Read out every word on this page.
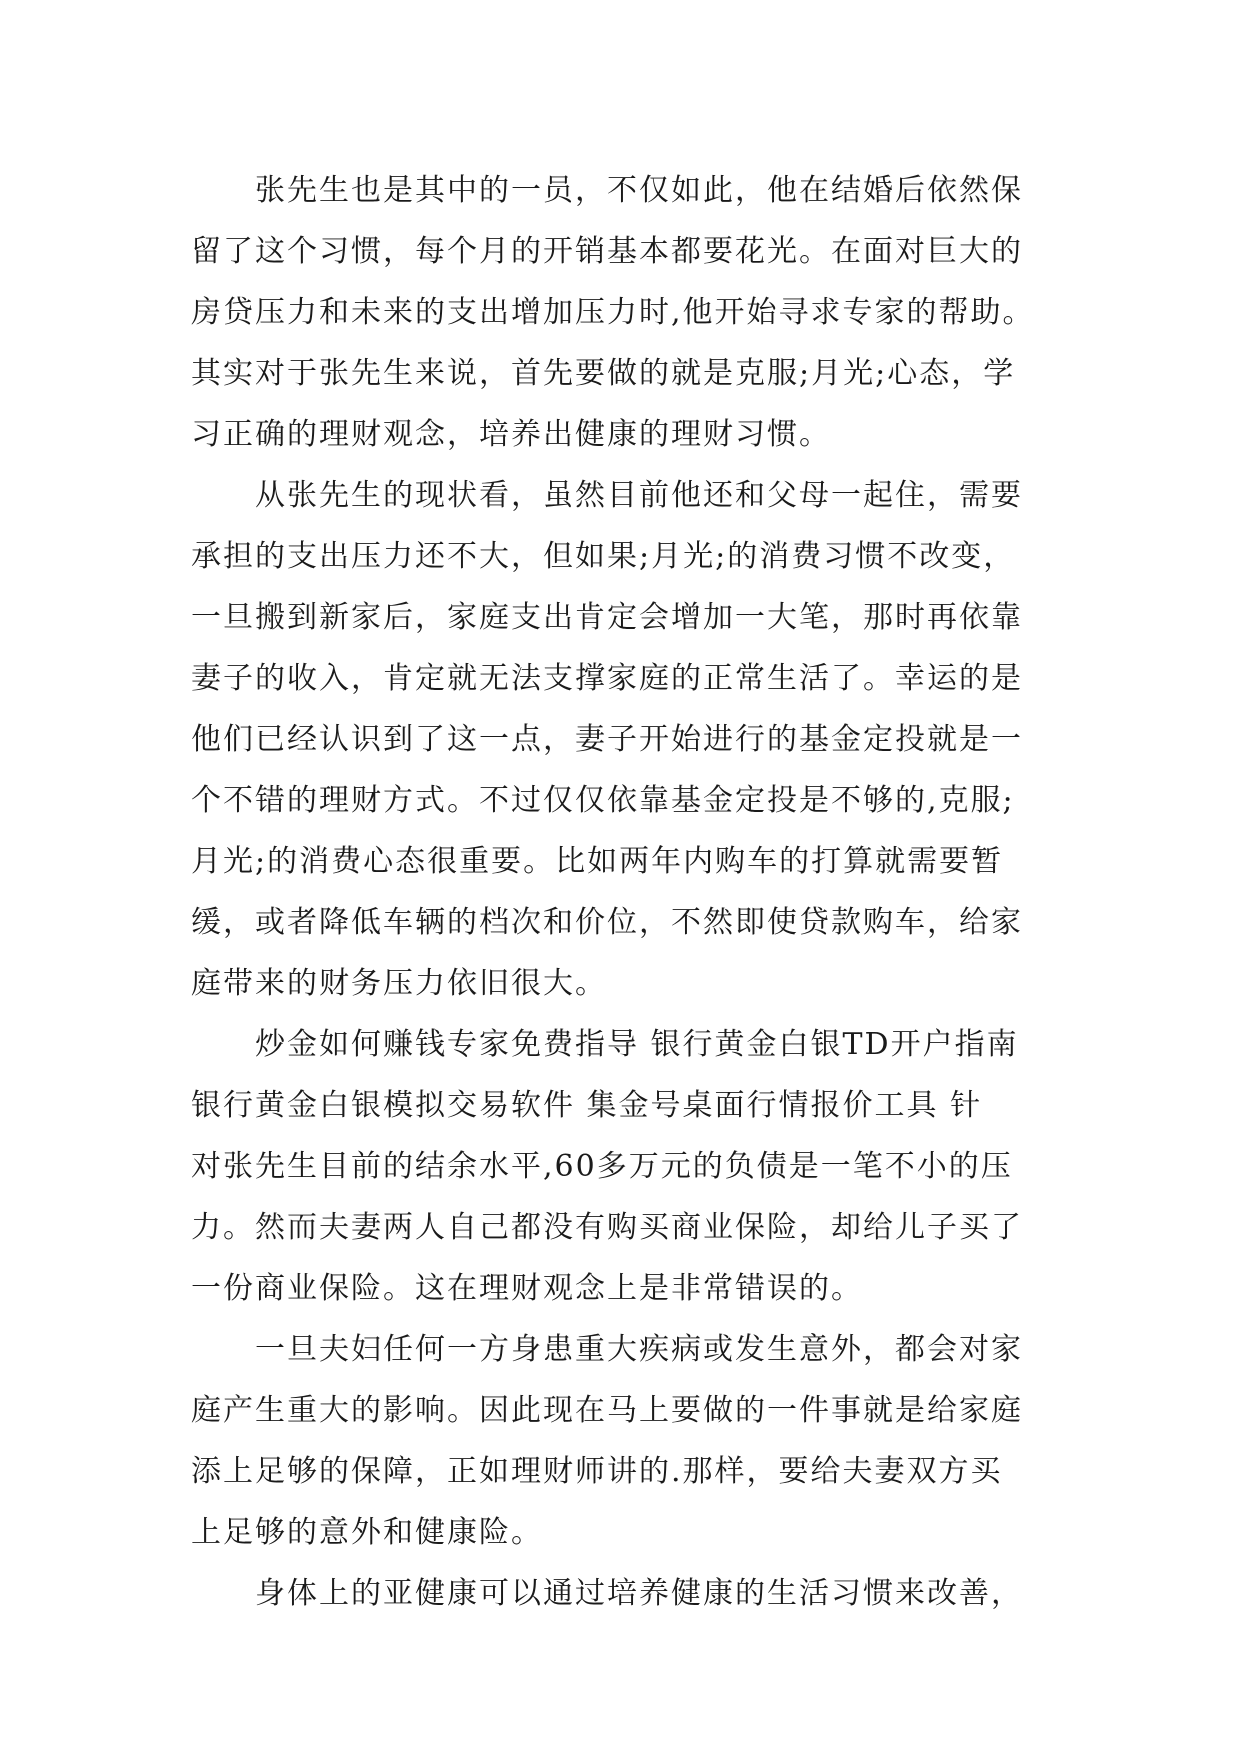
张先生也是其中的一员，不仅如此，他在结婚后依然保
留了这个习惯，每个月的开销基本都要花光。在面对巨大的
房贷压力和未来的支出增加压力时,他开始寻求专家的帮助。
其实对于张先生来说，首先要做的就是克服;月光;心态，学
习正确的理财观念，培养出健康的理财习惯。

从张先生的现状看，虽然目前他还和父母一起住，需要
承担的支出压力还不大，但如果;月光;的消费习惯不改变，
一旦搬到新家后，家庭支出肯定会增加一大笔，那时再依靠
妻子的收入，肯定就无法支撑家庭的正常生活了。幸运的是
他们已经认识到了这一点，妻子开始进行的基金定投就是一
个不错的理财方式。不过仅仅依靠基金定投是不够的,克服;
月光;的消费心态很重要。比如两年内购车的打算就需要暂
缓，或者降低车辆的档次和价位，不然即使贷款购车，给家
庭带来的财务压力依旧很大。

炒金如何赚钱专家免费指导 银行黄金白银TD开户指南
银行黄金白银模拟交易软件 集金号桌面行情报价工具 针
对张先生目前的结余水平,60多万元的负债是一笔不小的压
力。然而夫妻两人自己都没有购买商业保险，却给儿子买了
一份商业保险。这在理财观念上是非常错误的。

一旦夫妇任何一方身患重大疾病或发生意外，都会对家
庭产生重大的影响。因此现在马上要做的一件事就是给家庭
添上足够的保障，正如理财师讲的.那样，要给夫妻双方买
上足够的意外和健康险。

身体上的亚健康可以通过培养健康的生活习惯来改善，
